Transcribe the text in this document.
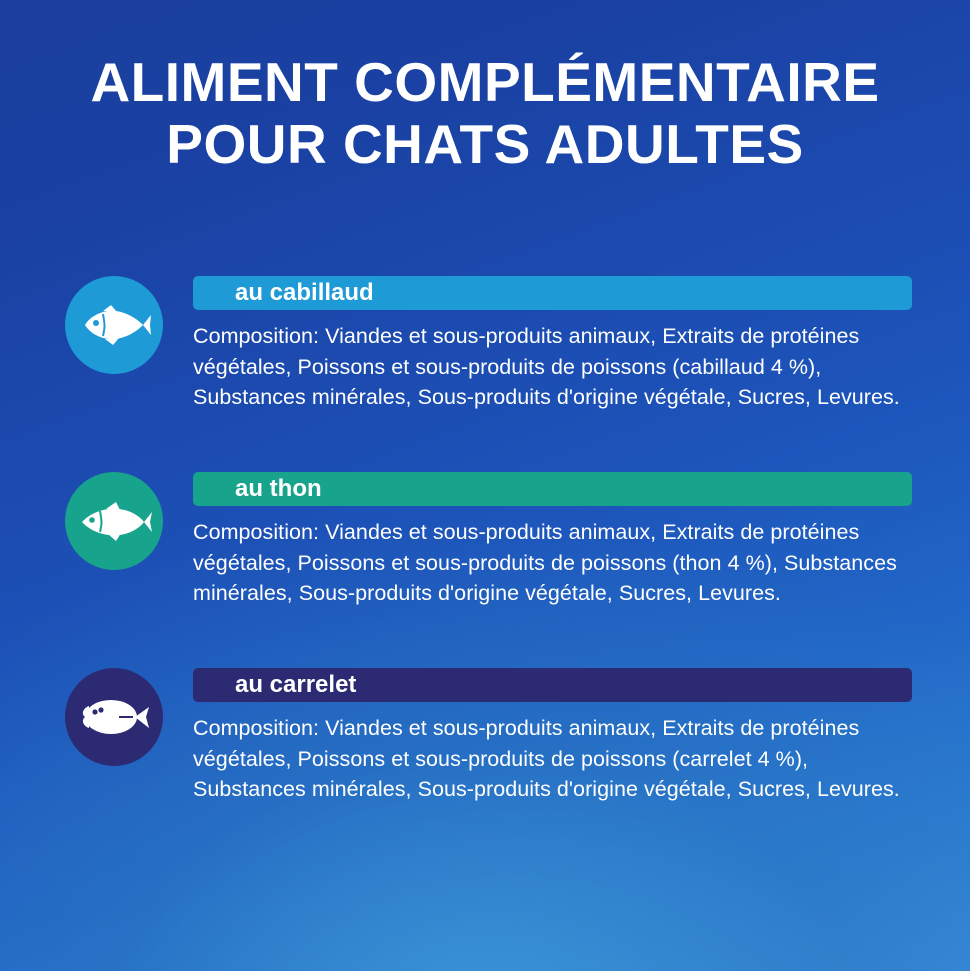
ALIMENT COMPLÉMENTAIRE
POUR CHATS ADULTES
au cabillaud
Composition: Viandes et sous-produits animaux, Extraits de protéines végétales, Poissons et sous-produits de poissons (cabillaud 4 %), Substances minérales, Sous-produits d'origine végétale, Sucres, Levures.
au thon
Composition: Viandes et sous-produits animaux, Extraits de protéines végétales, Poissons et sous-produits de poissons (thon 4 %), Substances minérales, Sous-produits d'origine végétale, Sucres, Levures.
au carrelet
Composition: Viandes et sous-produits animaux, Extraits de protéines végétales, Poissons et sous-produits de poissons (carrelet 4 %), Substances minérales, Sous-produits d'origine végétale, Sucres, Levures.
